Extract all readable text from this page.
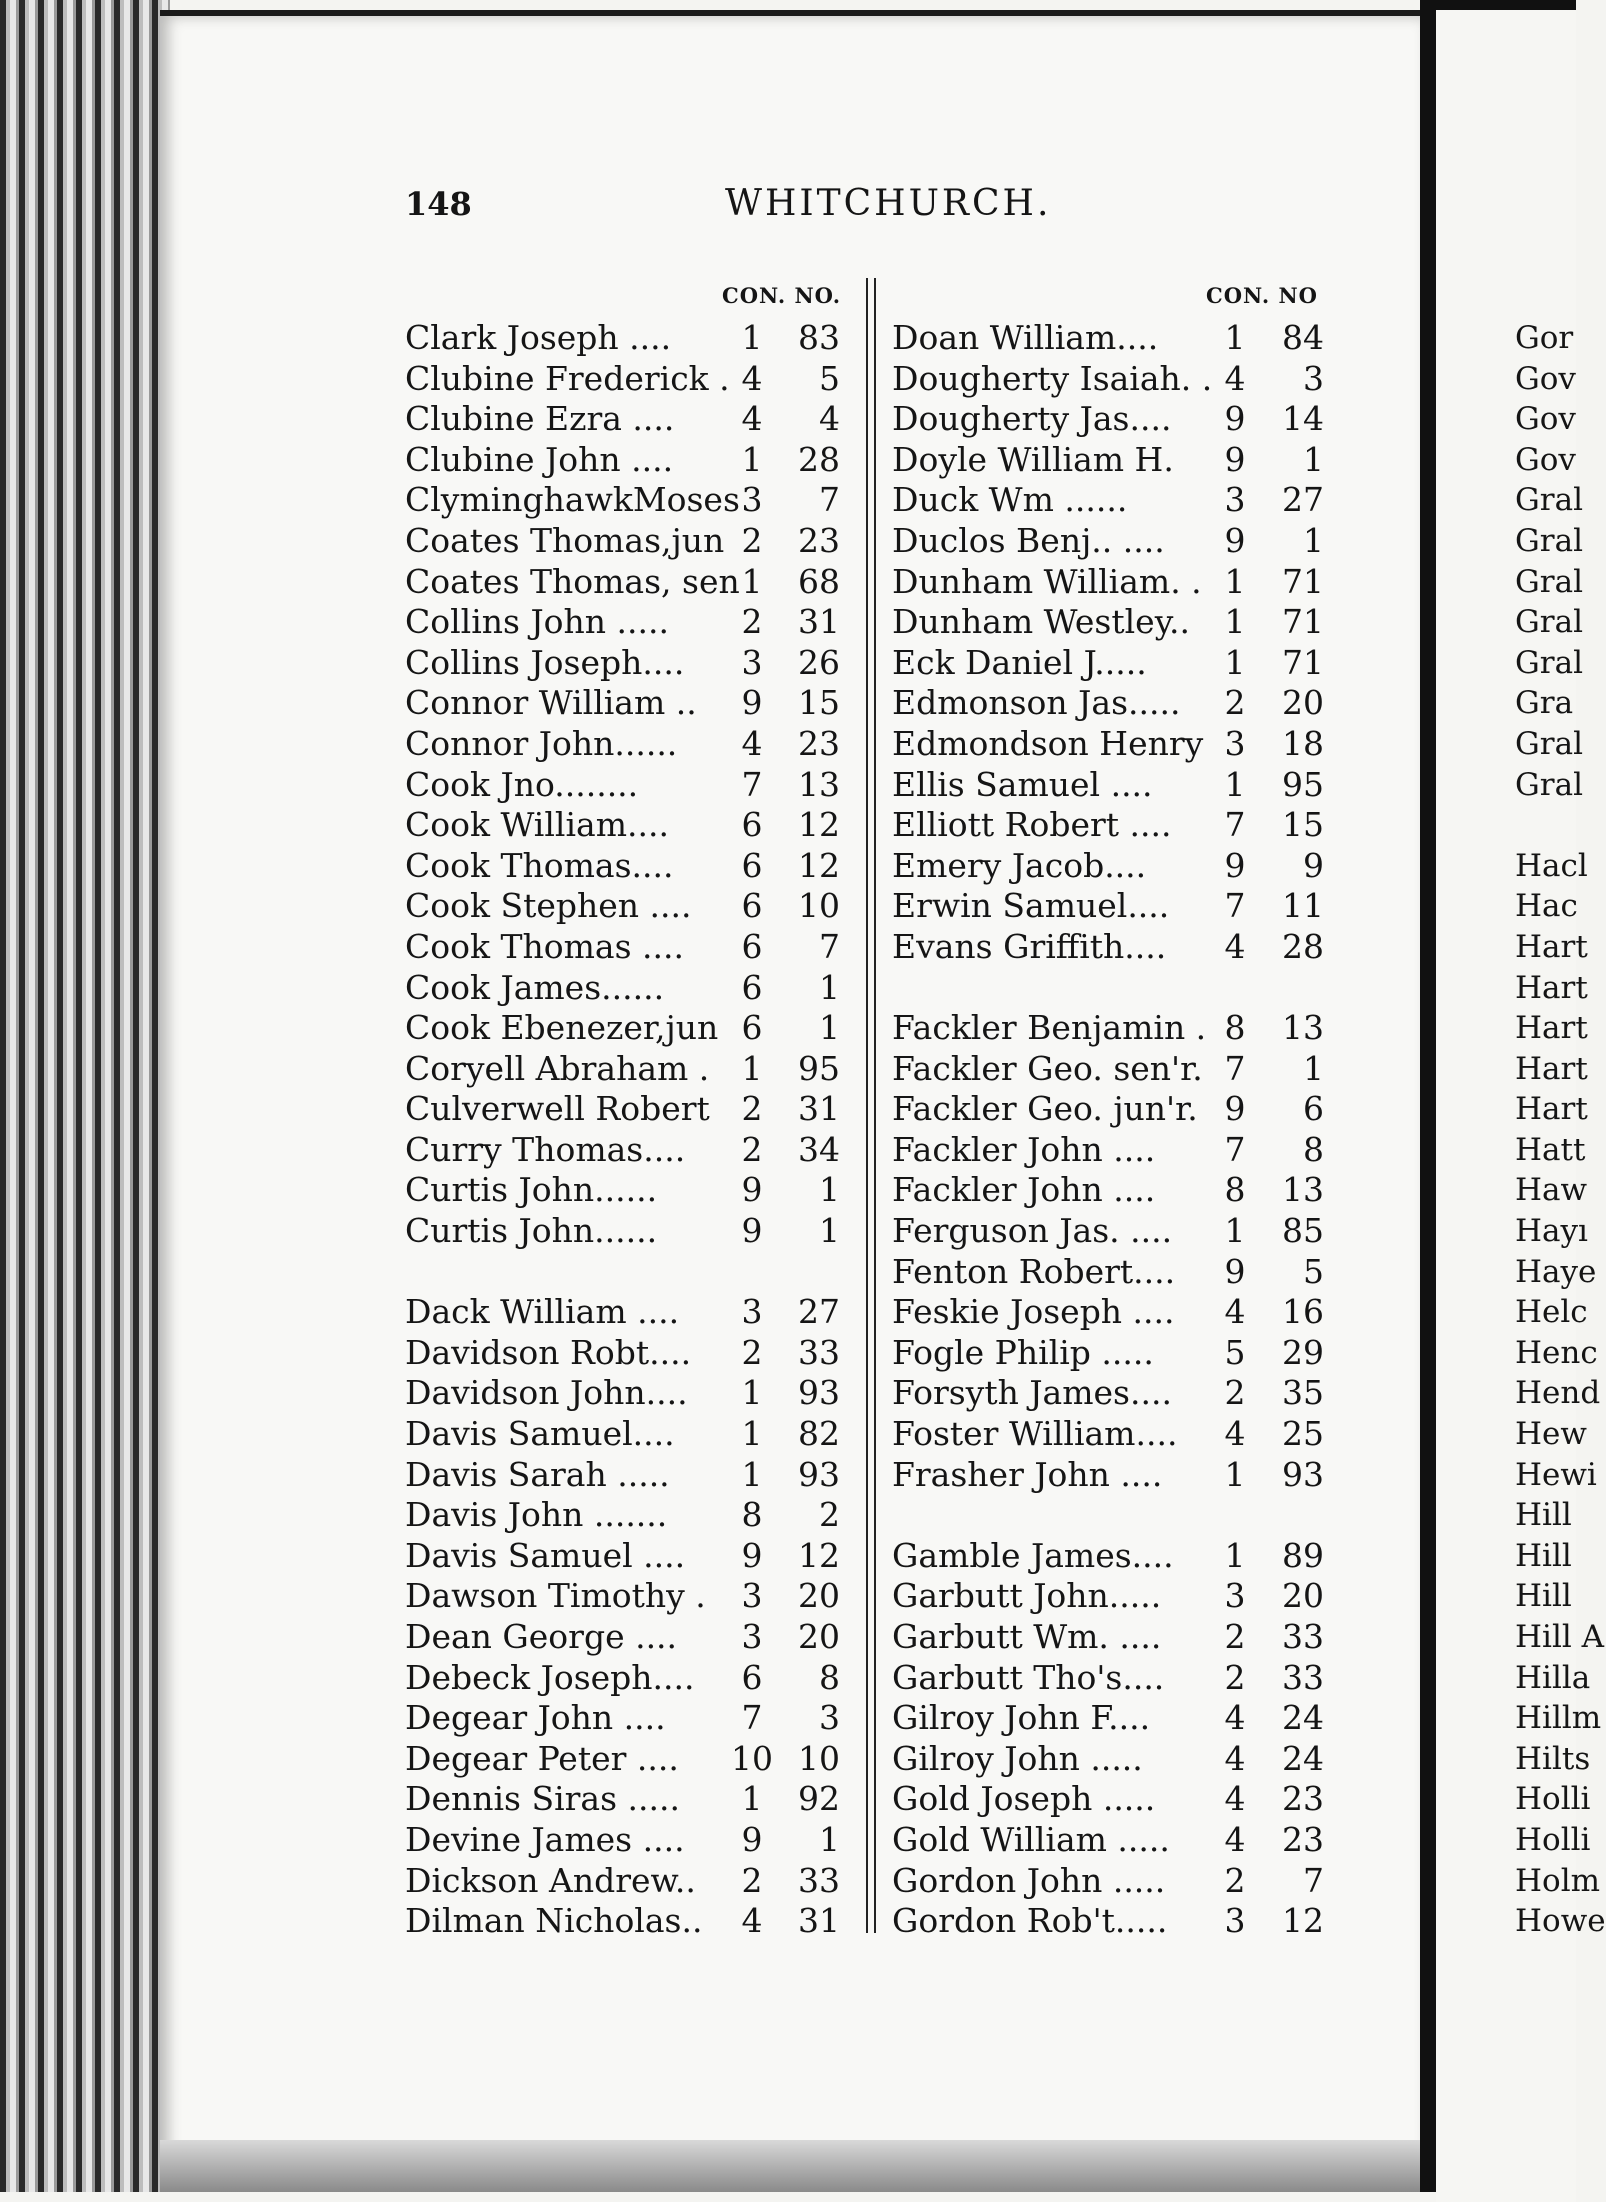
148	WHITCHURCH.
CON. NO.	CON. NO
Clark Joseph ....	1	83
Clubine Frederick . 4	5
Clubine Ezra ....	4	4
Clubine John ....	1	28
ClyminghawkMoses 3	7
Coates Thomas,jun 2	23
Coates Thomas, sen 1	68
Collins John .....	2	31
Collins Joseph....	3	26
Connor William ..	9	15
Connor John......	4	23
Cook Jno........	7	13
Cook William....	6	12
Cook Thomas....	6	12
Cook Stephen ....	6	10
Cook Thomas ....	6	7
Cook James......	6	1
Cook Ebenezer,jun 6	1
Coryell Abraham . 1	95
Culverwell Robert 2	31
Curry Thomas....	2	34
Curtis John......	9	1
Curtis John......	9	1
Dack William ....	3	27
Davidson Robt....	2	33
Davidson John....	1	93
Davis Samuel....	1	82
Davis Sarah .....	1	93
Davis John .......	8	2
Davis Samuel ....	9	12
Dawson Timothy .	3	20
Dean George ....	3	20
Debeck Joseph....	6	8
Degear John ....	7	3
Degear Peter .... 10 10
Dennis Siras .....	1	92
Devine James ....	9	1
Dickson Andrew..	2	33
Dilman Nicholas..	4	31
Doan William....	1	84
Dougherty Isaiah. . 4	3
Dougherty Jas....	9	14
Doyle William H.	9	1
Duck Wm ......	3	27
Duclos Benj.. ....	9	1
Dunham William. . 1	71
Dunham Westley..	1	71
Eck Daniel J.....	1	71
Edmonson Jas.....	2	20
Edmondson Henry 3	18
Ellis Samuel ....	1	95
Elliott Robert ....	7	15
Emery Jacob....	9	9
Erwin Samuel....	7	11
Evans Griffith....	4	28
Fackler Benjamin . 8	13
Fackler Geo. sen'r. 7	1
Fackler Geo. jun'r. 9	6
Fackler John ....	7	8
Fackler John ....	8	13
Ferguson Jas. ....	1	85
Fenton Robert....	9	5
Feskie Joseph ....	4	16
Fogle Philip .....	5	29
Forsyth James....	2	35
Foster William....	4	25
Frasher John ....	1	93
Gamble James....	1	89
Garbutt John.....	3	20
Garbutt Wm. ....	2	33
Garbutt Tho's....	2	33
Gilroy John F....	4	24
Gilroy John .....	4	24
Gold Joseph .....	4	23
Gold William .....	4	23
Gordon John .....	2	7
Gordon Rob't.....	3	12
Gor
Gov
Gov
Gov
Gral
Gral
Gral
Gral
Gral
Gra
Gral
Gral
Hacl
Hac
Hart
Hart
Hart
Hart
Hart
Hatt
Haw
Hayı
Haye
Helc
Henc
Hend
Hew
Hewi
Hill
Hill
Hill
Hill A
Hilla
Hillm
Hilts
Holli
Holli
Holm
Howe
